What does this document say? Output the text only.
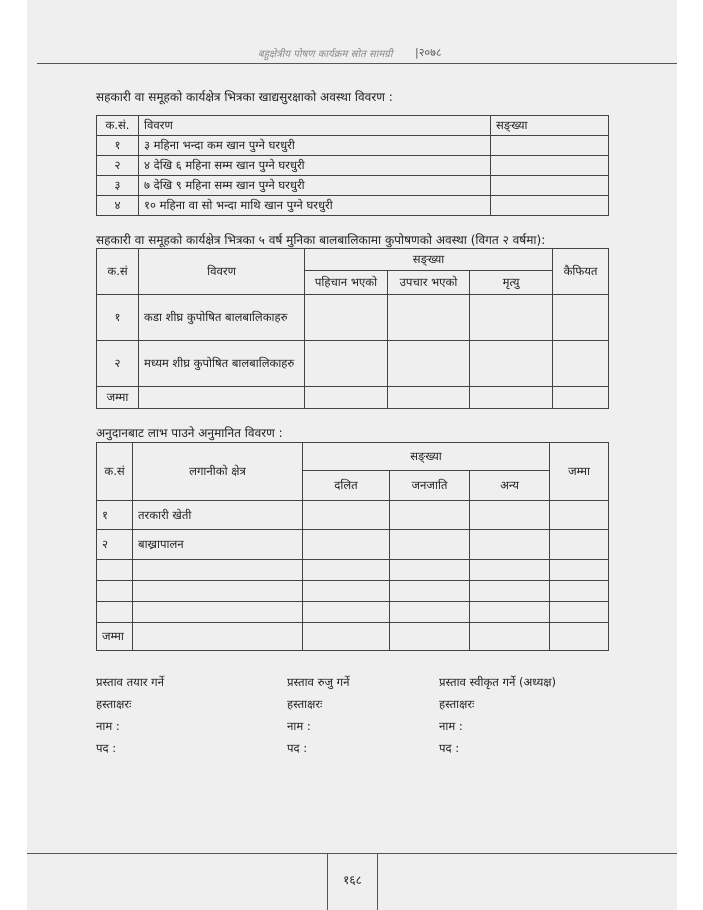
बहुक्षेत्रीय पोषण कार्यक्रम स्रोत सामग्री |२०७८
सहकारी वा समूहको कार्यक्षेत्र भित्रका खाद्यसुरक्षाको अवस्था विवरण :
क.सं.	विवरण	सङ्ख्या
१	३ महिना भन्दा कम खान पुग्ने घरधुरी	
२	४ देखि ६ महिना सम्म खान पुग्ने घरधुरी	
३	७ देखि ९ महिना सम्म खान पुग्ने घरधुरी	
४	१० महिना वा सो भन्दा माथि खान पुग्ने घरधुरी	
सहकारी वा समूहको कार्यक्षेत्र भित्रका ५ वर्ष मुनिका बालबालिकामा कुपोषणको अवस्था (विगत २ वर्षमा):
क.सं	विवरण	सङ्ख्या			कैफियत
		पहिचान भएको	उपचार भएको	मृत्यु	
१	कडा शीघ्र कुपोषित बालबालिकाहरु				
२	मध्यम शीघ्र कुपोषित बालबालिकाहरु				
जम्मा					
अनुदानबाट लाभ पाउने अनुमानित विवरण :
क.सं	लगानीको क्षेत्र	सङ्ख्या			जम्मा
		दलित	जनजाति	अन्य	
१	तरकारी खेती				
२	बाख्रापालन				

जम्मा					
प्रस्ताव तयार गर्ने
हस्ताक्षरः
नाम :
पद :
प्रस्ताव रुजु गर्ने
हस्ताक्षरः
नाम :
पद :
प्रस्ताव स्वीकृत गर्ने (अध्यक्ष)
हस्ताक्षरः
नाम :
पद :
१६८
